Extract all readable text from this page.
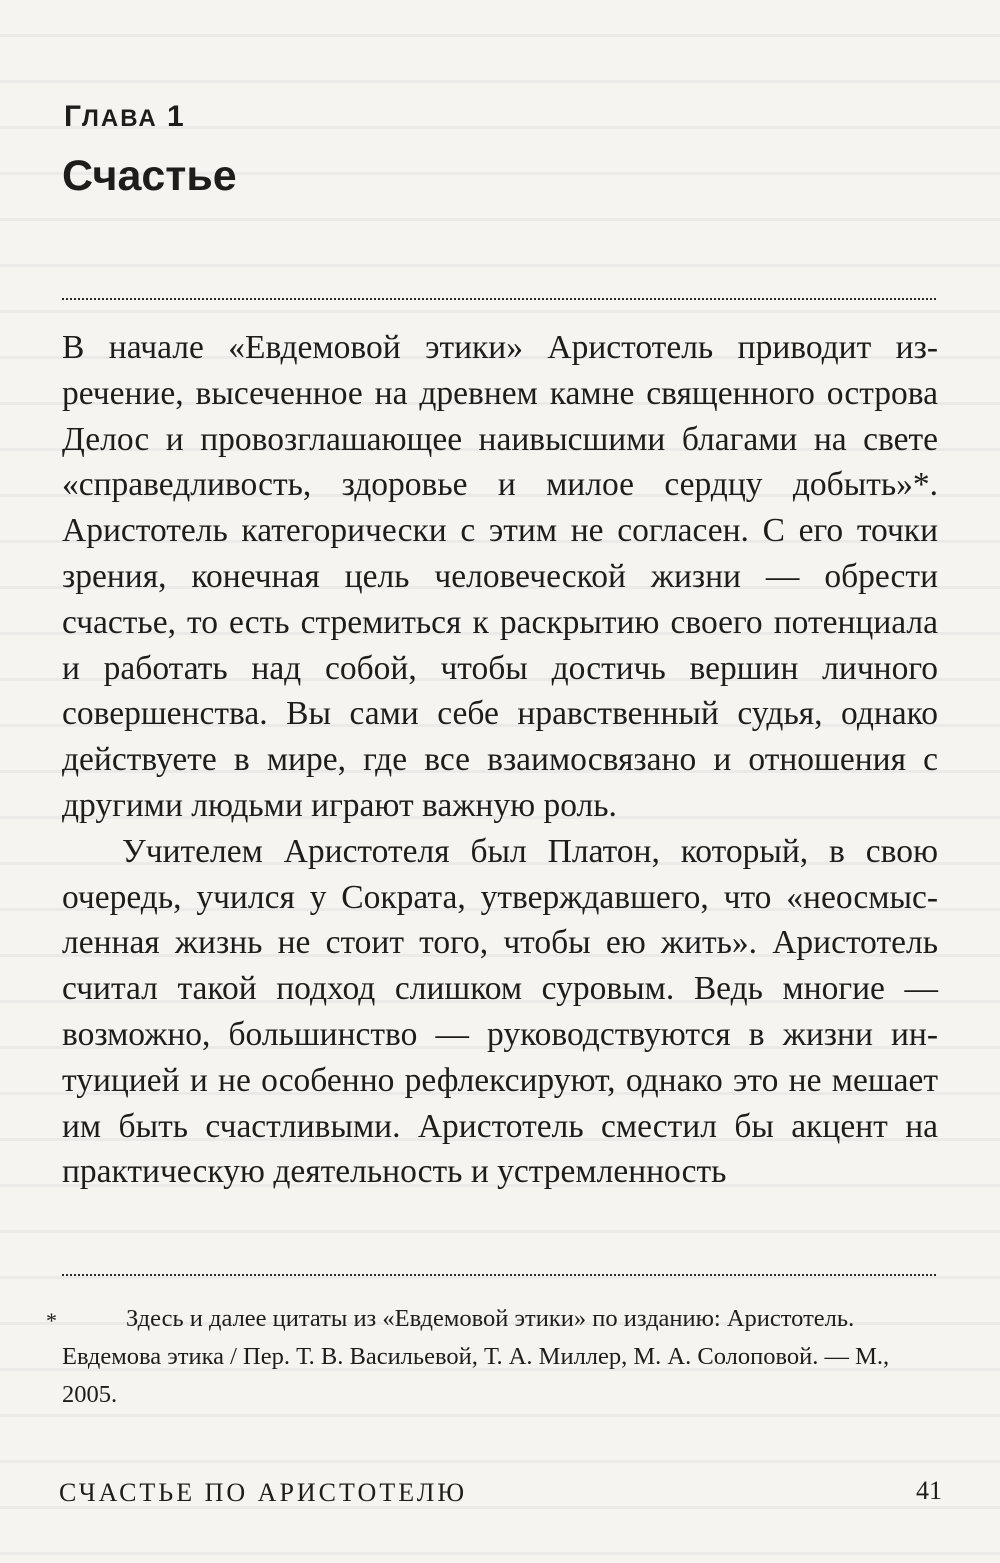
ГЛАВА 1
Счастье

В начале «Евдемовой этики» Аристотель приводит изречение, высеченное на древнем камне священного острова Делос и провозглашающее наивысшими благами на свете «справедливость, здоровье и милое сердцу добыть»*. Аристотель категорически с этим не согласен. С его точки зрения, конечная цель человеческой жизни — обрести счастье, то есть стремиться к раскрытию своего потенциала и работать над собой, чтобы достичь вершин личного совершенства. Вы сами себе нравственный судья, однако действуете в мире, где все взаимосвязано и отношения с другими людьми играют важную роль.

Учителем Аристотеля был Платон, который, в свою очередь, учился у Сократа, утверждавшего, что «неосмысленная жизнь не стоит того, чтобы ею жить». Аристотель считал такой подход слишком суровым. Ведь многие — возможно, большинство — руководствуются в жизни интуицией и не особенно рефлексируют, однако это не мешает им быть счастливыми. Аристотель сместил бы акцент на практическую деятельность и устремленность

*	Здесь и далее цитаты из «Евдемовой этики» по изданию: Аристотель. Евдемова этика / Пер. Т. В. Васильевой, Т. А. Миллер, М. А. Солоповой. — М., 2005.

СЧАСТЬЕ ПО АРИСТОТЕЛЮ	41
